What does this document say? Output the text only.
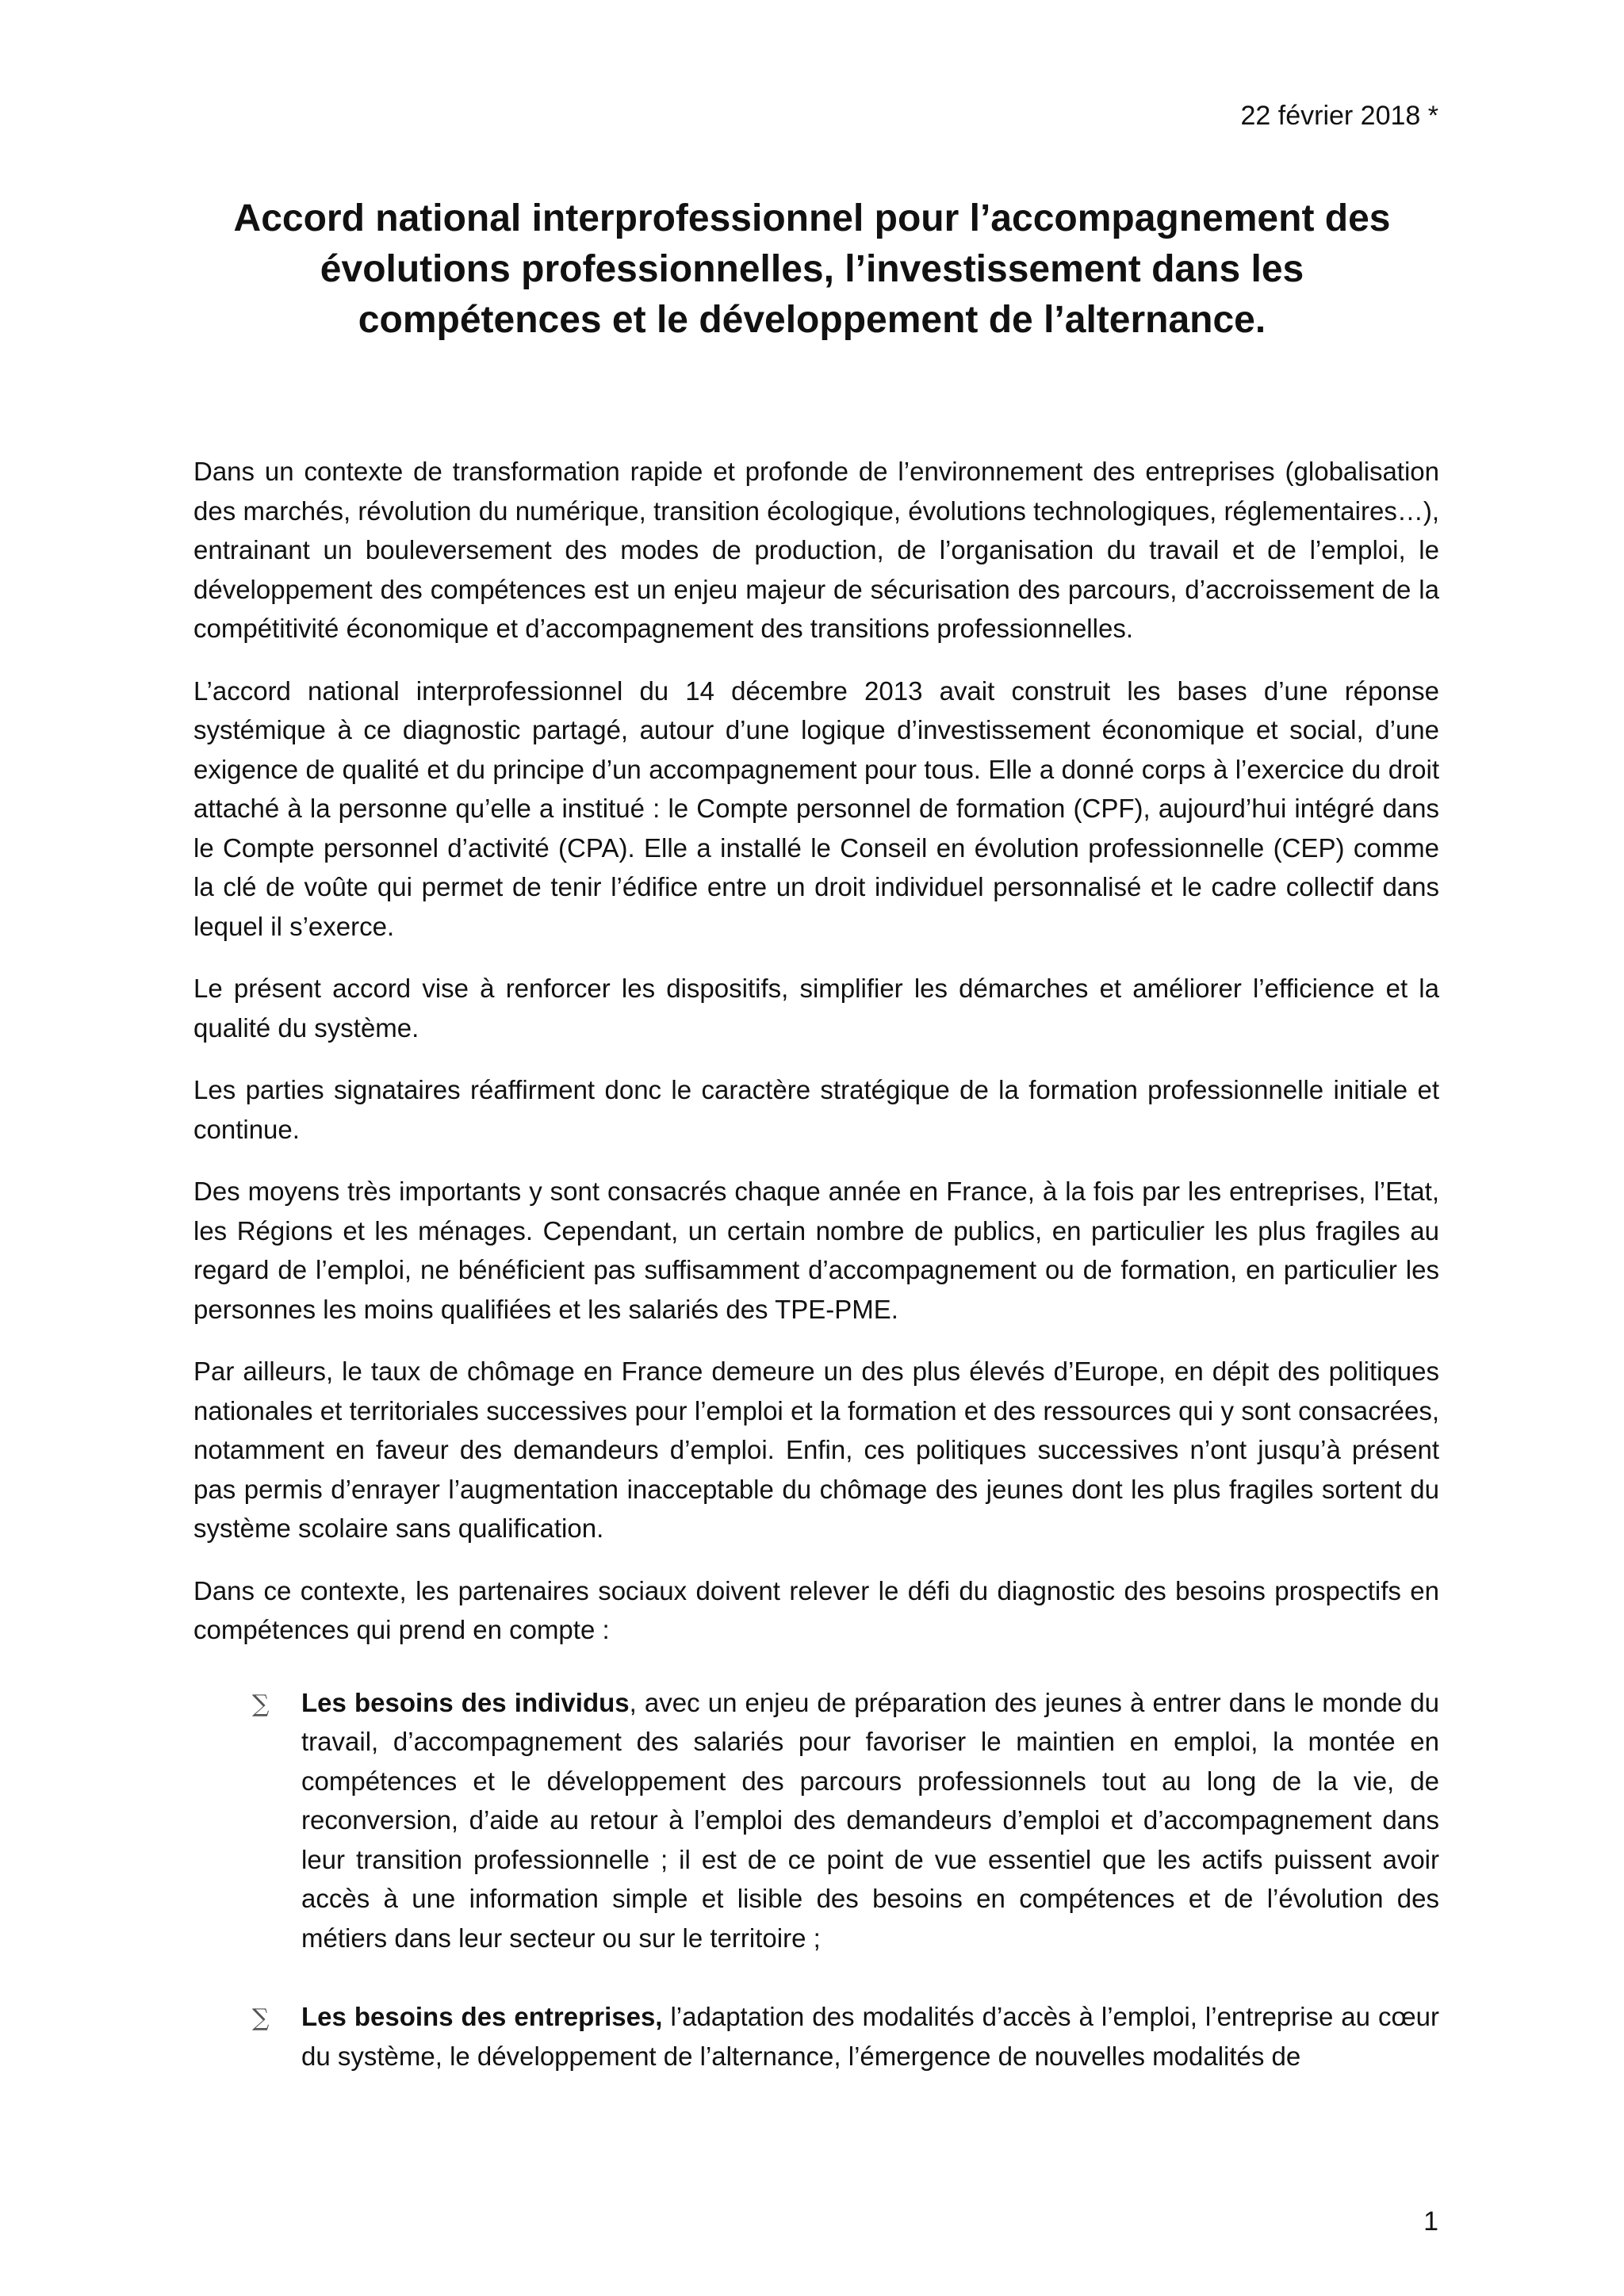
22 février 2018 *
Accord national interprofessionnel pour l’accompagnement des évolutions professionnelles, l’investissement dans les compétences et le développement de l’alternance.

Dans un contexte de transformation rapide et profonde de l’environnement des entreprises (globalisation des marchés, révolution du numérique, transition écologique, évolutions technologiques, réglementaires…), entrainant un bouleversement des modes de production, de l’organisation du travail et de l’emploi, le développement des compétences est un enjeu majeur de sécurisation des parcours, d’accroissement de la compétitivité économique et d’accompagnement des transitions professionnelles.

L’accord national interprofessionnel du 14 décembre 2013 avait construit les bases d’une réponse systémique à ce diagnostic partagé, autour d’une logique d’investissement économique et social, d’une exigence de qualité et du principe d’un accompagnement pour tous. Elle a donné corps à l’exercice du droit attaché à la personne qu’elle a institué : le Compte personnel de formation (CPF), aujourd’hui intégré dans le Compte personnel d’activité (CPA). Elle a installé le Conseil en évolution professionnelle (CEP) comme la clé de voûte qui permet de tenir l’édifice entre un droit individuel personnalisé et le cadre collectif dans lequel il s’exerce.

Le présent accord vise à renforcer les dispositifs, simplifier les démarches et améliorer l’efficience et la qualité du système.

Les parties signataires réaffirment donc le caractère stratégique de la formation professionnelle initiale et continue.

Des moyens très importants y sont consacrés chaque année en France, à la fois par les entreprises, l’Etat, les Régions et les ménages. Cependant, un certain nombre de publics, en particulier les plus fragiles au regard de l’emploi, ne bénéficient pas suffisamment d’accompagnement ou de formation, en particulier les personnes les moins qualifiées et les salariés des TPE-PME.

Par ailleurs, le taux de chômage en France demeure un des plus élevés d’Europe, en dépit des politiques nationales et territoriales successives pour l’emploi et la formation et des ressources qui y sont consacrées, notamment en faveur des demandeurs d’emploi. Enfin, ces politiques successives n’ont jusqu’à présent pas permis d’enrayer l’augmentation inacceptable du chômage des jeunes dont les plus fragiles sortent du système scolaire sans qualification.

Dans ce contexte, les partenaires sociaux doivent relever le défi du diagnostic des besoins prospectifs en compétences qui prend en compte :

∑ Les besoins des individus, avec un enjeu de préparation des jeunes à entrer dans le monde du travail, d’accompagnement des salariés pour favoriser le maintien en emploi, la montée en compétences et le développement des parcours professionnels tout au long de la vie, de reconversion, d’aide au retour à l’emploi des demandeurs d’emploi et d’accompagnement dans leur transition professionnelle ; il est de ce point de vue essentiel que les actifs puissent avoir accès à une information simple et lisible des besoins en compétences et de l’évolution des métiers dans leur secteur ou sur le territoire ;
∑ Les besoins des entreprises, l’adaptation des modalités d’accès à l’emploi, l’entreprise au cœur du système, le développement de l’alternance, l’émergence de nouvelles modalités de
1
